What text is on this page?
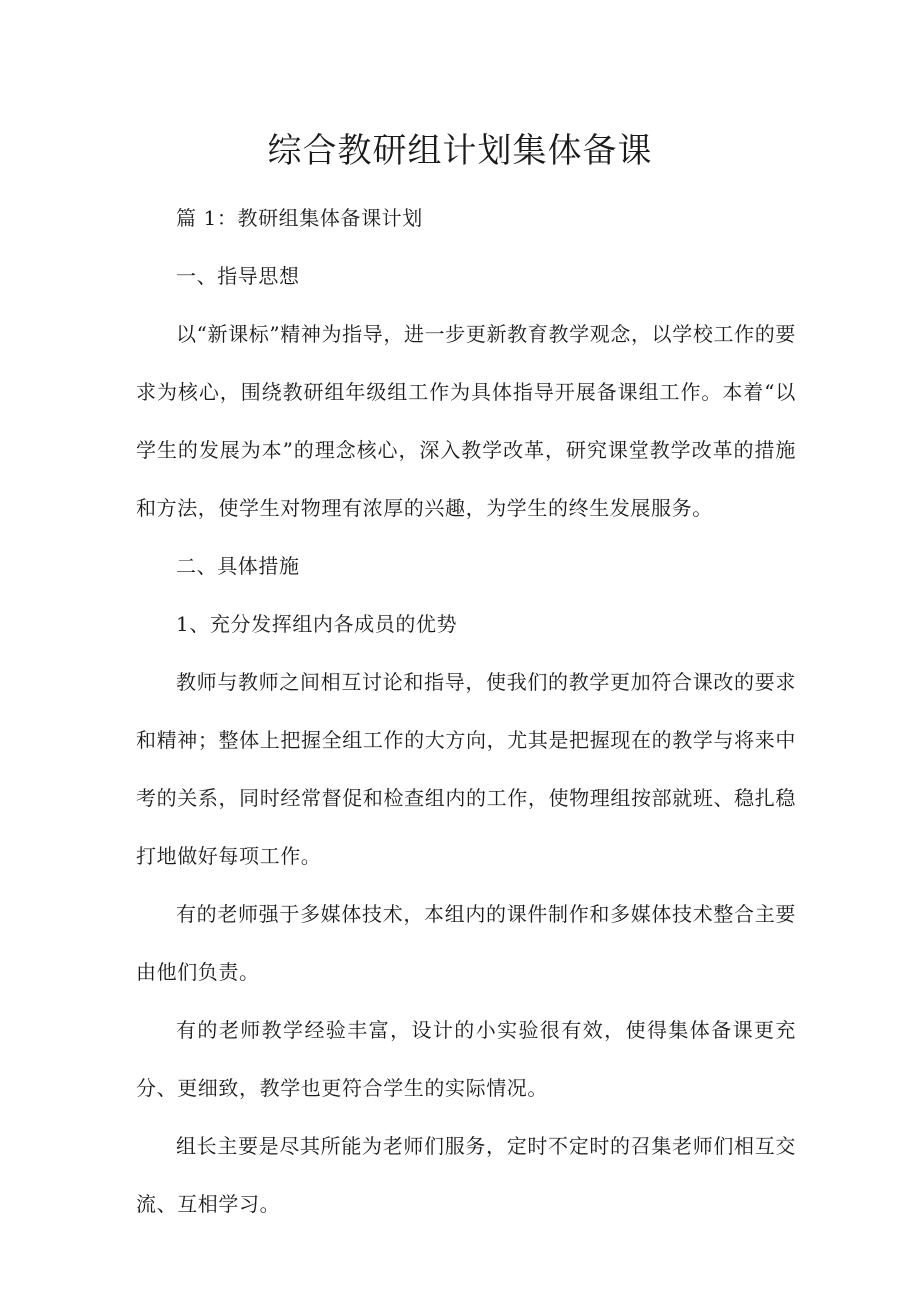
综合教研组计划集体备课

篇 1：教研组集体备课计划

一、指导思想

以“新课标”精神为指导，进一步更新教育教学观念，以学校工作的要求为核心，围绕教研组年级组工作为具体指导开展备课组工作。本着“以学生的发展为本”的理念核心，深入教学改革，研究课堂教学改革的措施和方法，使学生对物理有浓厚的兴趣，为学生的终生发展服务。

二、具体措施

1、充分发挥组内各成员的优势

教师与教师之间相互讨论和指导，使我们的教学更加符合课改的要求和精神；整体上把握全组工作的大方向，尤其是把握现在的教学与将来中考的关系，同时经常督促和检查组内的工作，使物理组按部就班、稳扎稳打地做好每项工作。

有的老师强于多媒体技术，本组内的课件制作和多媒体技术整合主要由他们负责。

有的老师教学经验丰富，设计的小实验很有效，使得集体备课更充分、更细致，教学也更符合学生的实际情况。

组长主要是尽其所能为老师们服务，定时不定时的召集老师们相互交流、互相学习。
